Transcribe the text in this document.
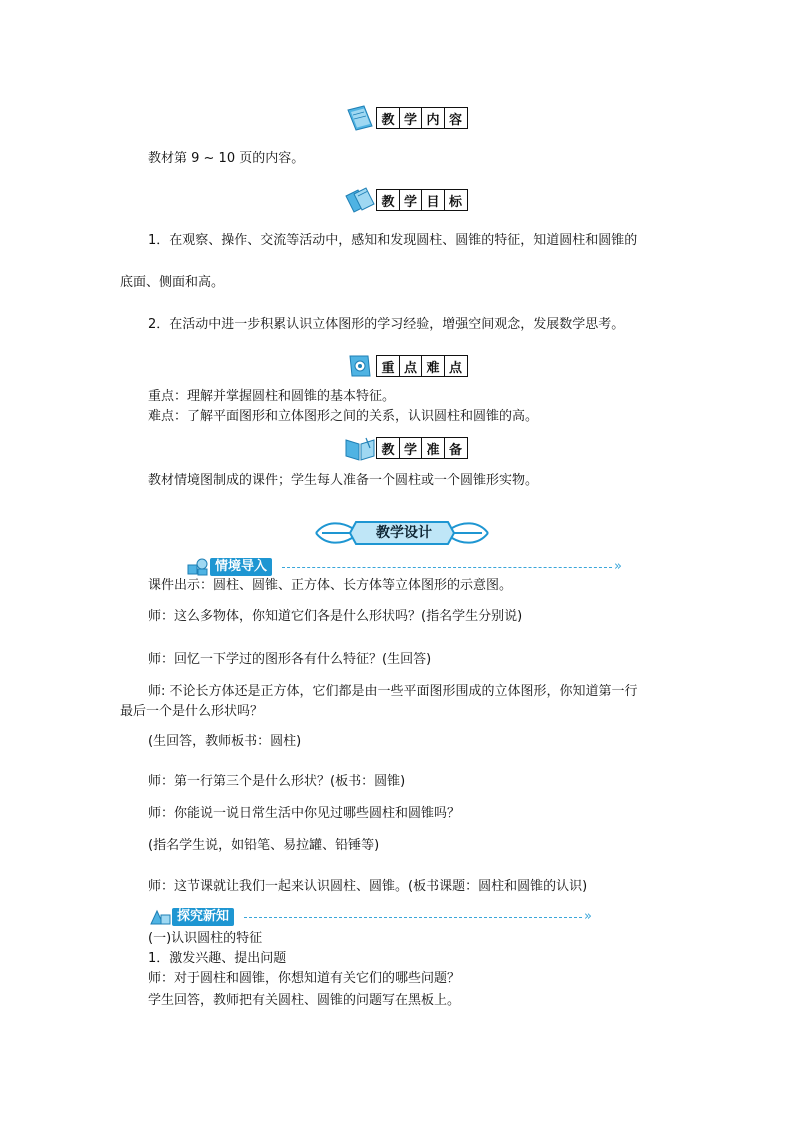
教 学 内 容
教材第 9 ~ 10 页的内容。
教 学 目 标
1．在观察、操作、交流等活动中，感知和发现圆柱、圆锥的特征，知道圆柱和圆锥的
底面、侧面和高。
2．在活动中进一步积累认识立体图形的学习经验，增强空间观念，发展数学思考。
重 点 难 点
重点：理解并掌握圆柱和圆锥的基本特征。
难点：了解平面图形和立体图形之间的关系，认识圆柱和圆锥的高。
教 学 准 备
教材情境图制成的课件；学生每人准备一个圆柱或一个圆锥形实物。
教学设计
情境导入	»
课件出示：圆柱、圆锥、正方体、长方体等立体图形的示意图。
师：这么多物体，你知道它们各是什么形状吗？(指名学生分别说)
师：回忆一下学过的图形各有什么特征？(生回答)
师: 不论长方体还是正方体，它们都是由一些平面图形围成的立体图形，你知道第一行
最后一个是什么形状吗？
(生回答，教师板书：圆柱)
师：第一行第三个是什么形状？(板书：圆锥)
师：你能说一说日常生活中你见过哪些圆柱和圆锥吗？
(指名学生说，如铅笔、易拉罐、铅锤等)
师：这节课就让我们一起来认识圆柱、圆锥。(板书课题：圆柱和圆锥的认识)
探究新知	»
(一)认识圆柱的特征
1．激发兴趣、提出问题
师：对于圆柱和圆锥，你想知道有关它们的哪些问题？
学生回答，教师把有关圆柱、圆锥的问题写在黑板上。
